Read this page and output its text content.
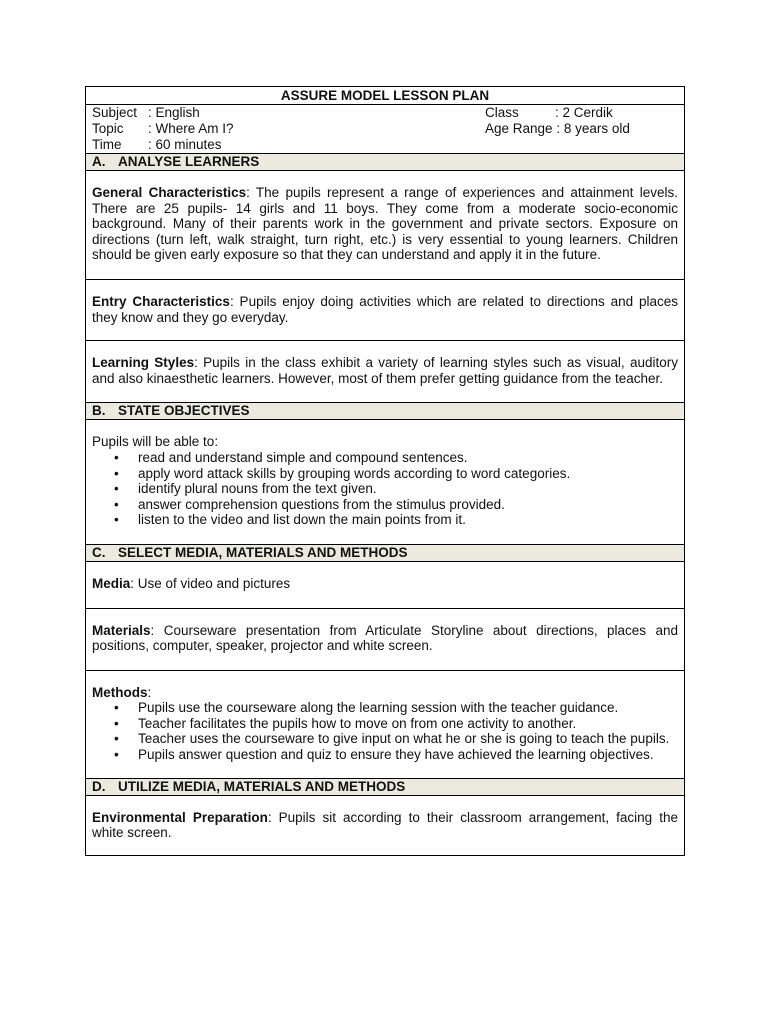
ASSURE MODEL LESSON PLAN
Subject : English	Class	: 2 Cerdik
Topic : Where Am I?	Age Range : 8 years old
Time : 60 minutes
A. ANALYSE LEARNERS
General Characteristics: The pupils represent a range of experiences and attainment levels. There are 25 pupils- 14 girls and 11 boys. They come from a moderate socio-economic background. Many of their parents work in the government and private sectors. Exposure on directions (turn left, walk straight, turn right, etc.) is very essential to young learners. Children should be given early exposure so that they can understand and apply it in the future.
Entry Characteristics: Pupils enjoy doing activities which are related to directions and places they know and they go everyday.
Learning Styles: Pupils in the class exhibit a variety of learning styles such as visual, auditory and also kinaesthetic learners. However, most of them prefer getting guidance from the teacher.
B. STATE OBJECTIVES
Pupils will be able to:
• read and understand simple and compound sentences.
• apply word attack skills by grouping words according to word categories.
• identify plural nouns from the text given.
• answer comprehension questions from the stimulus provided.
• listen to the video and list down the main points from it.
C. SELECT MEDIA, MATERIALS AND METHODS
Media: Use of video and pictures
Materials: Courseware presentation from Articulate Storyline about directions, places and positions, computer, speaker, projector and white screen.
Methods:
• Pupils use the courseware along the learning session with the teacher guidance.
• Teacher facilitates the pupils how to move on from one activity to another.
• Teacher uses the courseware to give input on what he or she is going to teach the pupils.
• Pupils answer question and quiz to ensure they have achieved the learning objectives.
D. UTILIZE MEDIA, MATERIALS AND METHODS
Environmental Preparation: Pupils sit according to their classroom arrangement, facing the white screen.
